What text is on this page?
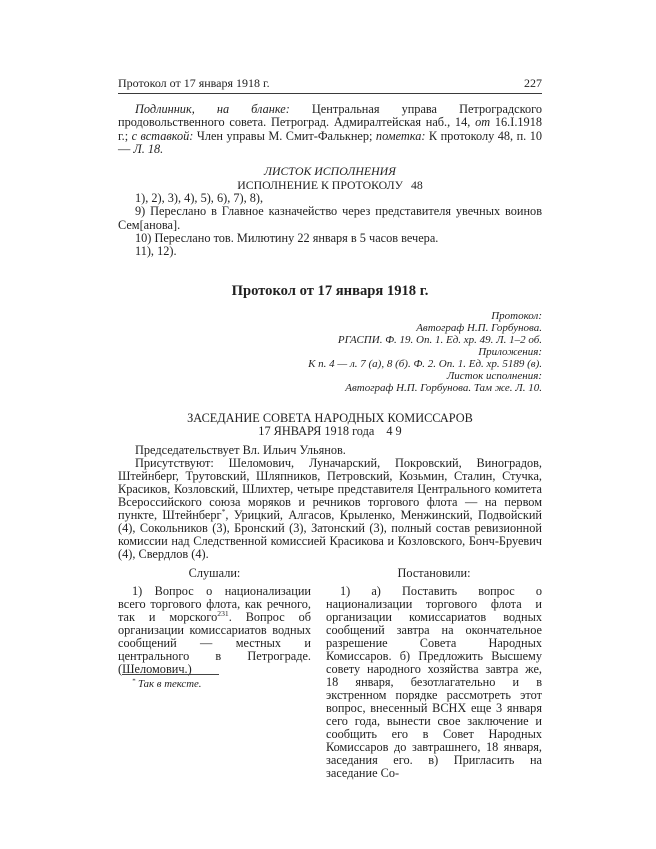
Протокол от 17 января 1918 г.	227

Подлинник, на бланке: Центральная управа Петроградского продовольственного совета. Петроград. Адмиралтейская наб., 14, от 16.I.1918 г.; с вставкой: Член управы М. Смит-Фалькнер; пометка: К протоколу 48, п. 10 — Л. 18.

ЛИСТОК ИСПОЛНЕНИЯ
ИСПОЛНЕНИЕ К ПРОТОКОЛУ 48

1), 2), 3), 4), 5), 6), 7), 8),

9) Переслано в Главное казначейство через представителя увечных воинов Сем[анова].

10) Переслано тов. Милютину 22 января в 5 часов вечера.

11), 12).

Протокол от 17 января 1918 г.
Протокол:
Автограф Н.П. Горбунова.
РГАСПИ. Ф. 19. Оп. 1. Ед. хр. 49. Л. 1–2 об.
Приложения:
К п. 4 — л. 7 (а), 8 (б). Ф. 2. Оп. 1. Ед. хр. 5189 (в).
Листок исполнения:
Автограф Н.П. Горбунова. Там же. Л. 10.
ЗАСЕДАНИЕ СОВЕТА НАРОДНЫХ КОМИССАРОВ
17 ЯНВАРЯ 1918 года 4 9

Председательствует Вл. Ильич Ульянов.

Присутствуют: Шеломович, Луначарский, Покровский, Виноградов, Штейнберг, Трутовский, Шляпников, Петровский, Козьмин, Сталин, Стучка, Красиков, Козловский, Шлихтер, четыре представителя Центрального комитета Всероссийского союза моряков и речников торгового флота — на первом пункте, Штейнберг*, Урицкий, Алгасов, Крыленко, Менжинский, Подвойский (4), Сокольников (3), Бронский (3), Затонский (3), полный состав ревизионной комиссии над Следственной комиссией Красикова и Козловского, Бонч-Бруевич (4), Свердлов (4).

Слушали:

1) Вопрос о национализации всего торгового флота, как речного, так и морского$^{231}$. Вопрос об организации комиссариатов водных сообщений — местных и центрального в Петрограде. (Шеломович.)

Постановили:

1) а) Поставить вопрос о национализации торгового флота и организации комиссариатов водных сообщений завтра на окончательное разрешение Совета Народных Комиссаров. б) Предложить Высшему совету народного хозяйства завтра же, 18 января, безотлагательно и в экстренном порядке рассмотреть этот вопрос, внесенный ВСНХ еще 3 января сего года, вынести свое заключение и сообщить его в Совет Народных Комиссаров до завтрашнего, 18 января, заседания его. в) Пригласить на заседание Со-

* Так в тексте.
